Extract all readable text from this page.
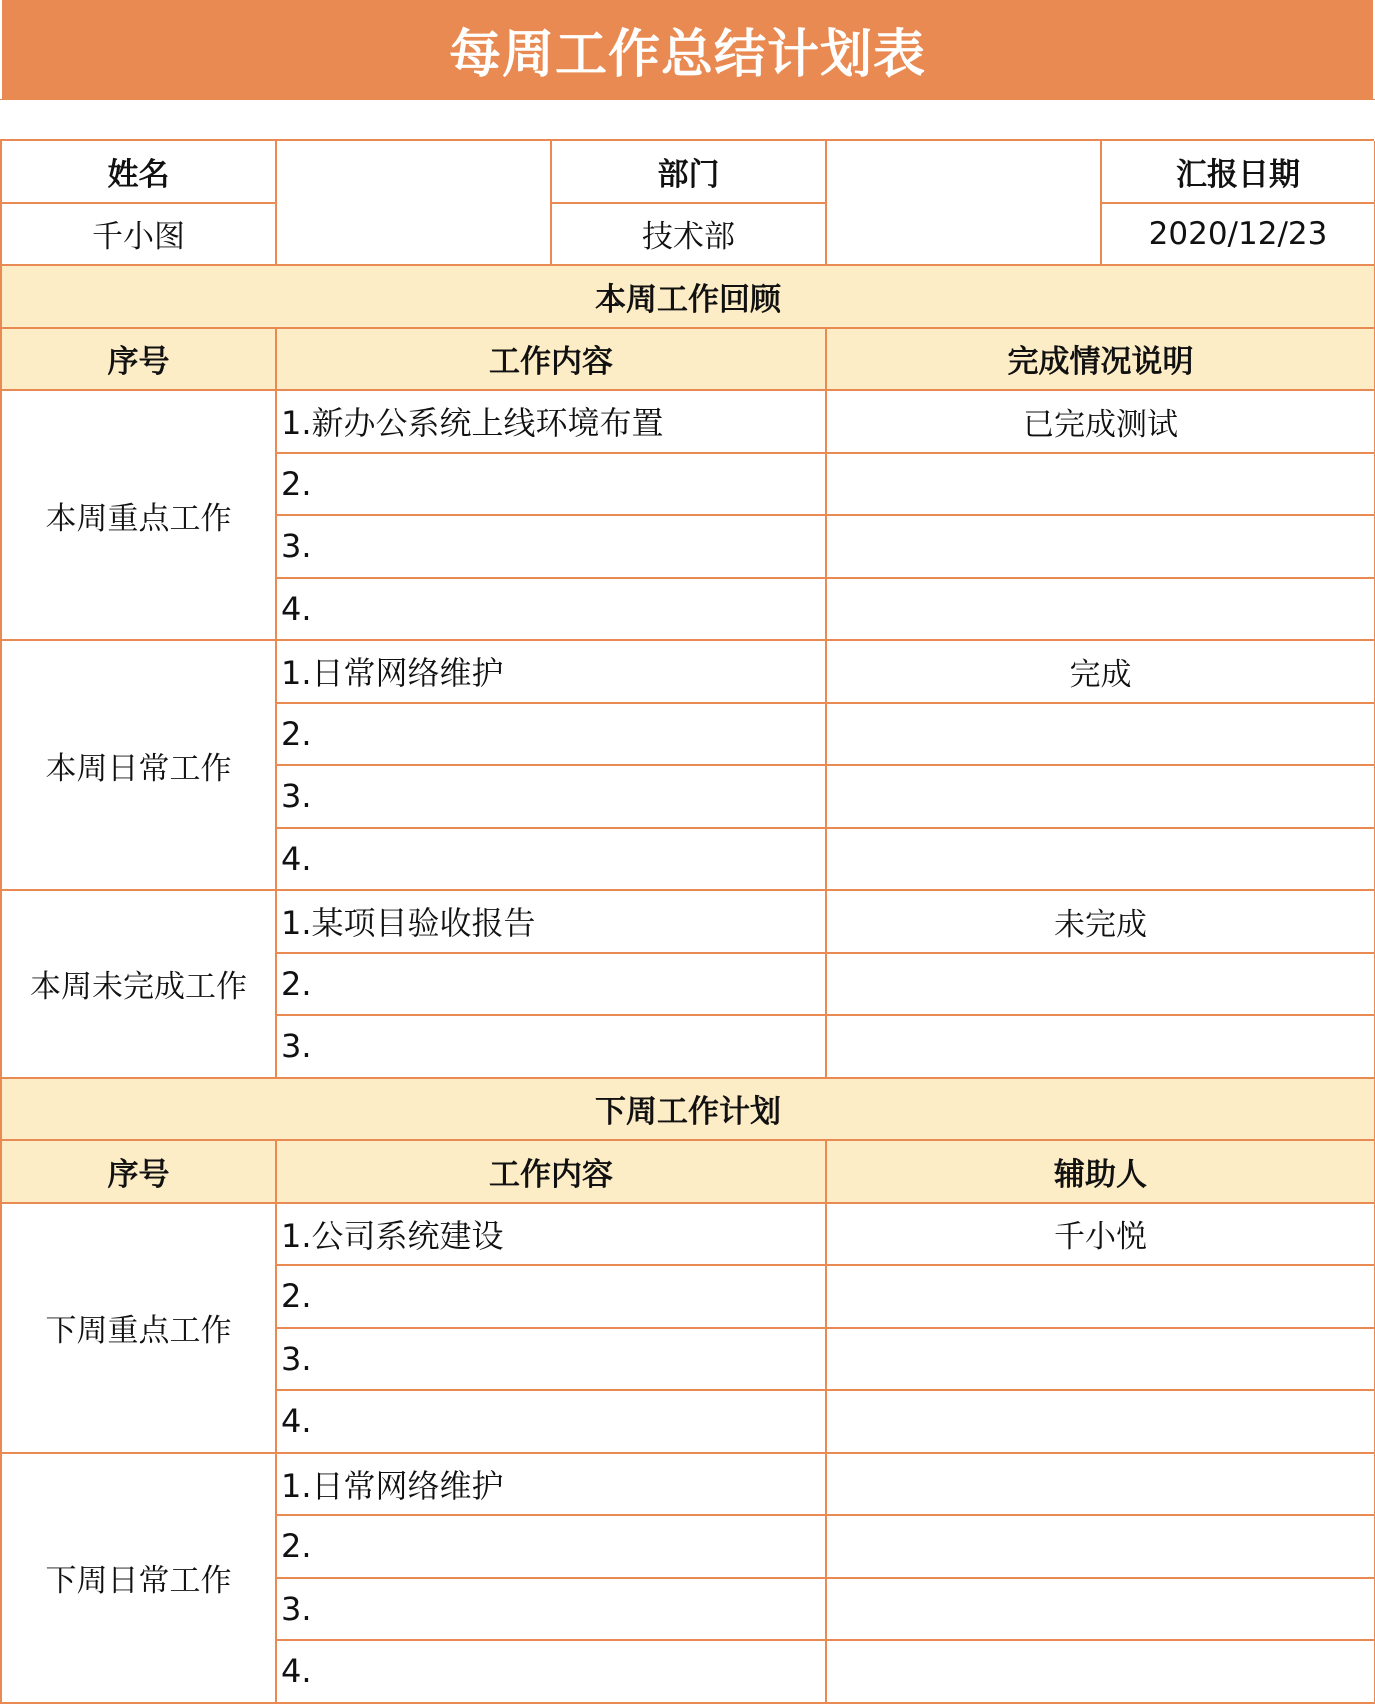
每周工作总结计划表
姓名	部门	汇报日期
千小图	技术部	2020/12/23
本周工作回顾
序号	工作内容	完成情况说明
本周重点工作
1.新办公系统上线环境布置	已完成测试
2.
3.
4.
本周日常工作
1.日常网络维护	完成
2.
3.
4.
本周未完成工作
1.某项目验收报告	未完成
2.
3.
下周工作计划
序号	工作内容	辅助人
下周重点工作
1.公司系统建设	千小悦
2.
3.
4.
下周日常工作
1.日常网络维护
2.
3.
4.
